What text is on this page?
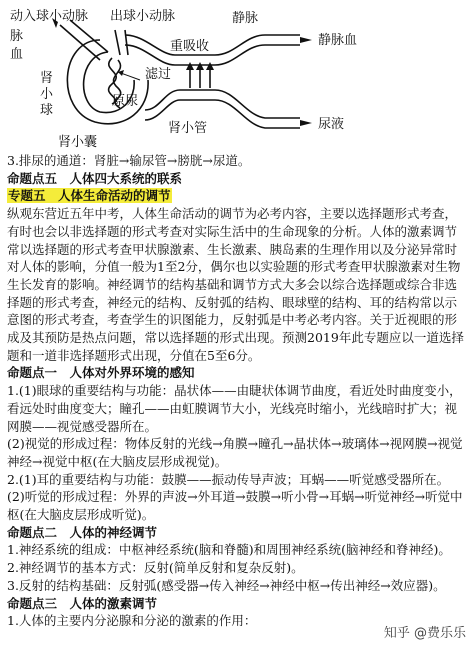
动入球小动脉 出球小动脉
脉
血
重吸收
静脉
静脉血
滤过
原尿
肾
小
球
肾小囊
肾小管	尿液

3.排尿的通道：肾脏→输尿管→膀胱→尿道。

命题点五　人体四大系统的联系

专题五　人体生命活动的调节

纵观东营近五年中考，人体生命活动的调节为必考内容，主要以选择题形式考查，有时也会以非选择题的形式考查对实际生活中的生命现象的分析。人体的激素调节常以选择题的形式考查甲状腺激素、生长激素、胰岛素的生理作用以及分泌异常时对人体的影响，分值一般为1至2分，偶尔也以实验题的形式考查甲状腺激素对生物生长发育的影响。神经调节的结构基础和调节方式大多会以综合选择题或综合非选择题的形式考查，神经元的结构、反射弧的结构、眼球壁的结构、耳的结构常以示意图的形式考查，考查学生的识图能力，反射弧是中考必考内容。关于近视眼的形成及其预防是热点问题，常以选择题的形式出现。预测2019年此专题应以一道选择题和一道非选择题形式出现，分值在5至6分。

命题点一　人体对外界环境的感知

1.(1)眼球的重要结构与功能：晶状体——由睫状体调节曲度，看近处时曲度变小，看远处时曲度变大；瞳孔——由虹膜调节大小，光线亮时缩小，光线暗时扩大；视网膜——视觉感受器所在。

(2)视觉的形成过程：物体反射的光线→角膜→瞳孔→晶状体→玻璃体→视网膜→视觉神经→视觉中枢(在大脑皮层形成视觉)。

2.(1)耳的重要结构与功能：鼓膜——振动传导声波；耳蜗——听觉感受器所在。

(2)听觉的形成过程：外界的声波→外耳道→鼓膜→听小骨→耳蜗→听觉神经→听觉中枢(在大脑皮层形成听觉)。

命题点二　人体的神经调节

1.神经系统的组成：中枢神经系统(脑和脊髓)和周围神经系统(脑神经和脊神经)。

2.神经调节的基本方式：反射(简单反射和复杂反射)。

3.反射的结构基础：反射弧(感受器→传入神经→神经中枢→传出神经→效应器)。

命题点三　人体的激素调节

1.人体的主要内分泌腺和分泌的激素的作用：

知乎 @费乐乐
